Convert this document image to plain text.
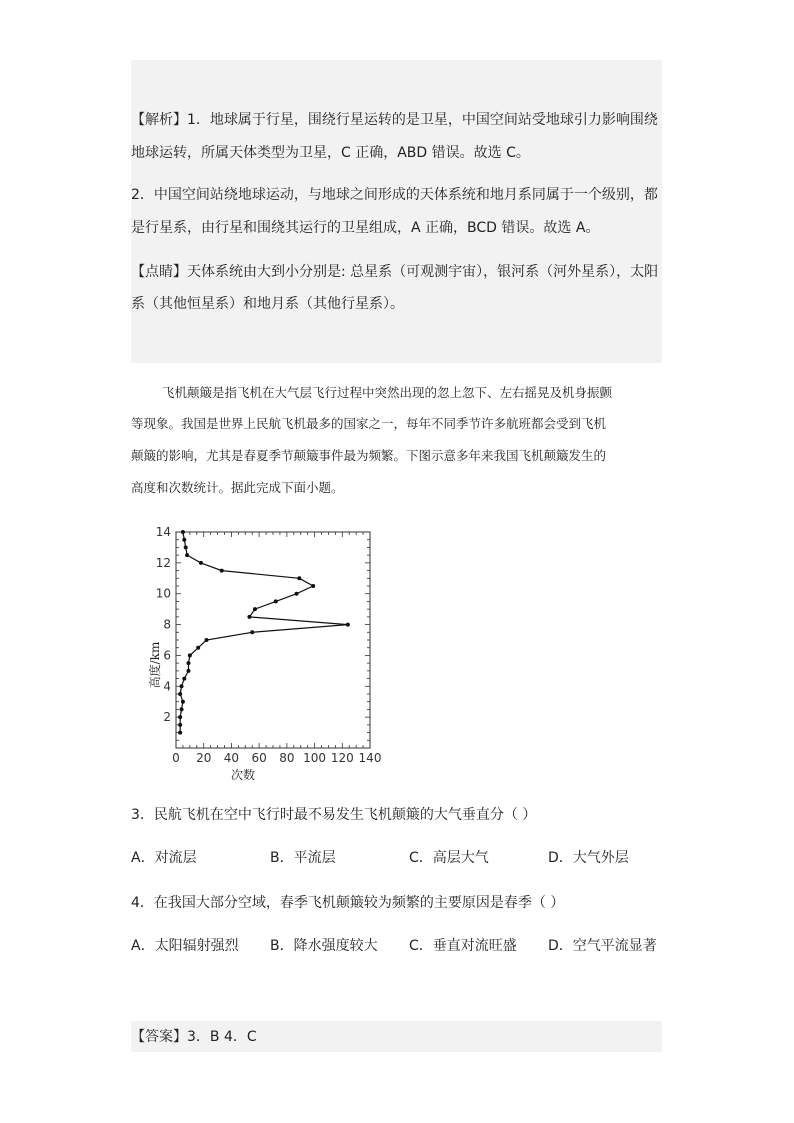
【解析】1．地球属于行星，围绕行星运转的是卫星，中国空间站受地球引力影响围绕
地球运转，所属天体类型为卫星，C 正确，ABD 错误。故选 C。
2．中国空间站绕地球运动，与地球之间形成的天体系统和地月系同属于一个级别，都
是行星系，由行星和围绕其运行的卫星组成，A 正确，BCD 错误。故选 A。
【点睛】天体系统由大到小分别是: 总星系（可观测宇宙），银河系（河外星系），太阳
系（其他恒星系）和地月系（其他行星系）。
飞机颠簸是指飞机在大气层飞行过程中突然出现的忽上忽下、左右摇晃及机身振颤
等现象。我国是世界上民航飞机最多的国家之一，每年不同季节许多航班都会受到飞机
颠簸的影响，尤其是春夏季节颠簸事件最为频繁。下图示意多年来我国飞机颠簸发生的
高度和次数统计。据此完成下面小题。
0 20 40 60 80 100 120 140
2
4
6
8
10
12
14
次数
高度/km
3．民航飞机在空中飞行时最不易发生飞机颠簸的大气垂直分（ ）
A．对流层	B．平流层	C．高层大气	D．大气外层
4．在我国大部分空域，春季飞机颠簸较为频繁的主要原因是春季（ ）
A．太阳辐射强烈 B．降水强度较大 C．垂直对流旺盛 D．空气平流显著
【答案】3．B 4．C
